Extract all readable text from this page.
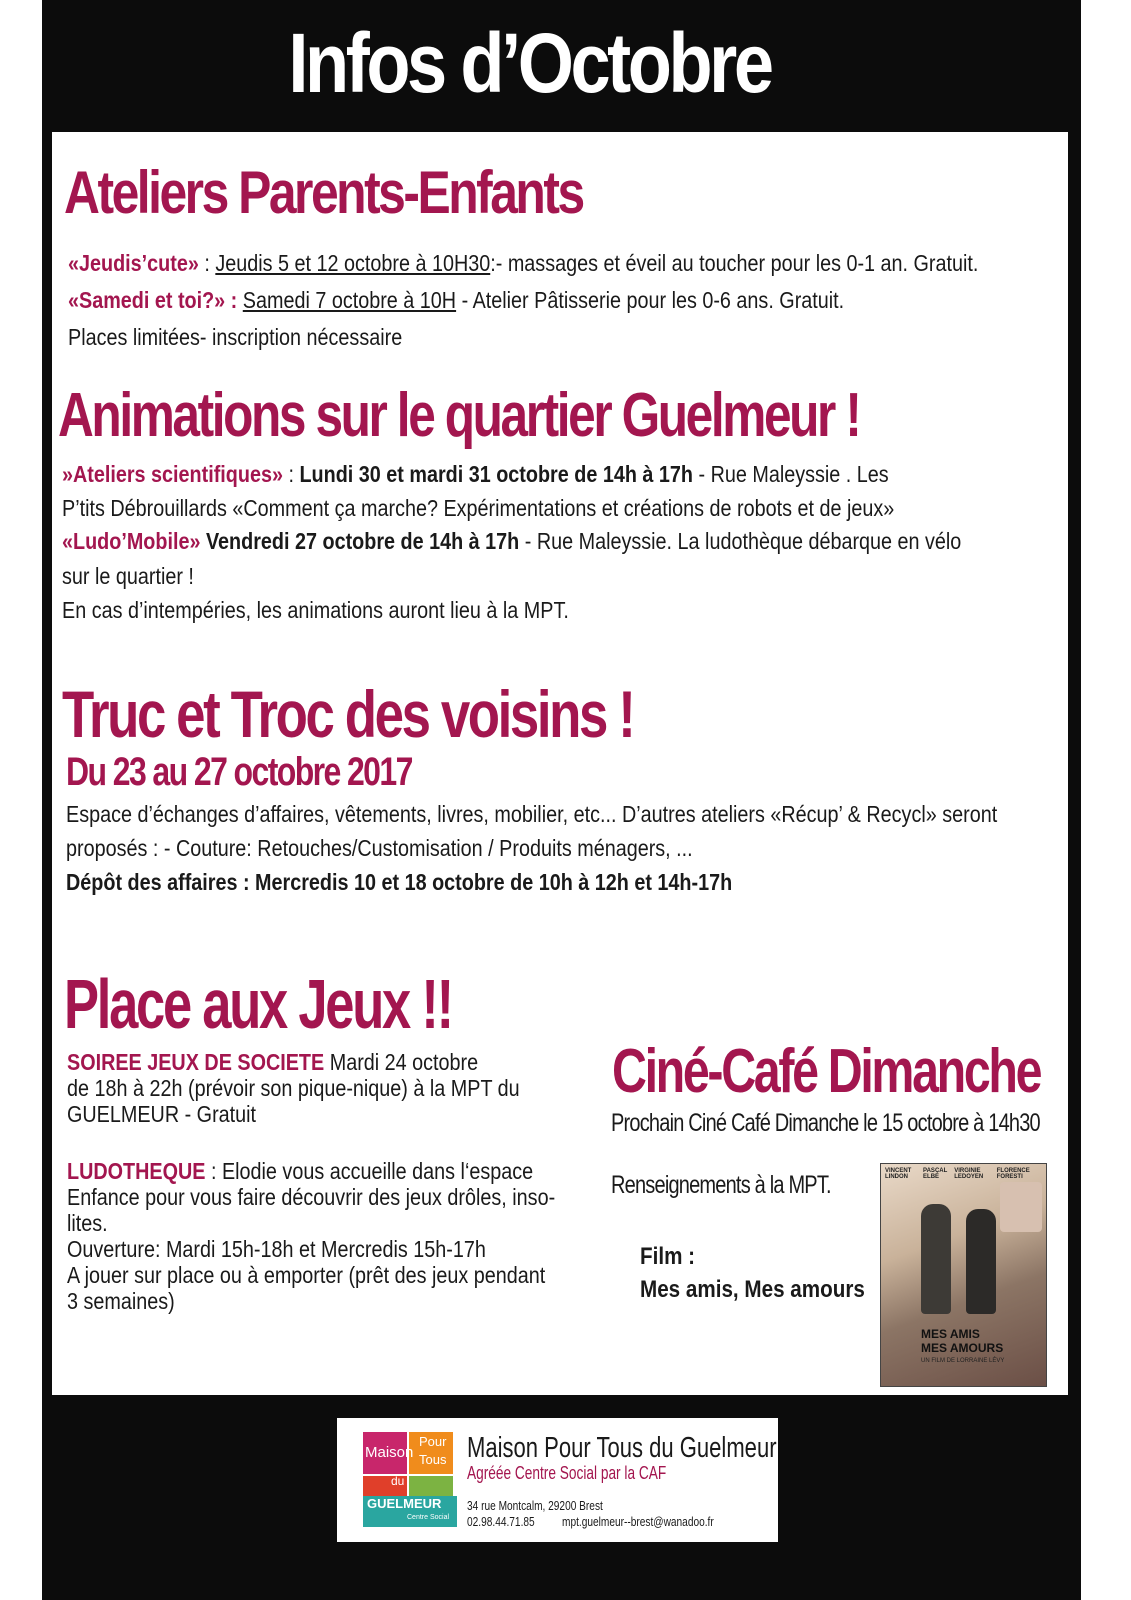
Infos d’Octobre
Ateliers Parents-Enfants
«Jeudis’cute» : Jeudis 5 et 12 octobre à 10H30:- massages et éveil au toucher pour les 0-1 an. Gratuit.
«Samedi et toi?» : Samedi 7 octobre à 10H - Atelier Pâtisserie pour les 0-6 ans. Gratuit.
Places limitées- inscription nécessaire
Animations sur le quartier Guelmeur !
»Ateliers scientifiques» : Lundi 30 et mardi 31 octobre de 14h à 17h - Rue Maleyssie . Les
P’tits Débrouillards «Comment ça marche? Expérimentations et créations de robots et de jeux»
«Ludo’Mobile» Vendredi 27 octobre de 14h à 17h - Rue Maleyssie. La ludothèque débarque en vélo
sur le quartier !
En cas d’intempéries, les animations auront lieu à la MPT.
Truc et Troc des voisins !
Du 23 au 27 octobre 2017
Espace d’échanges d’affaires, vêtements, livres, mobilier, etc... D’autres ateliers «Récup’ & Recycl» seront
proposés : - Couture: Retouches/Customisation / Produits ménagers, ...
Dépôt des affaires : Mercredis 10 et 18 octobre de 10h à 12h et 14h-17h
Place aux Jeux !!
SOIREE JEUX DE SOCIETE Mardi 24 octobre
de 18h à 22h (prévoir son pique-nique) à la MPT du
GUELMEUR - Gratuit
LUDOTHEQUE : Elodie vous accueille dans l‘espace
Enfance pour vous faire découvrir des jeux drôles, inso-
lites.
Ouverture: Mardi 15h-18h et Mercredis 15h-17h
A jouer sur place ou à emporter (prêt des jeux pendant
3 semaines)
Ciné-Café Dimanche
Prochain Ciné Café Dimanche le 15 octobre à 14h30
Renseignements à la MPT.
Film :
Mes amis, Mes amours
VINCENT LINDON
PASCAL ELBÉ
VIRGINIE LEDOYEN
FLORENCE FORESTI
MES AMIS
MES AMOURS
UN FILM DE LORRAINE LÉVY
Maison
Pour
Tous
du
GUELMEUR
Centre Social
Maison Pour Tous du Guelmeur
Agréée Centre Social par la CAF
34 rue Montcalm, 29200 Brest
02.98.44.71.85 mpt.guelmeur--brest@wanadoo.fr
